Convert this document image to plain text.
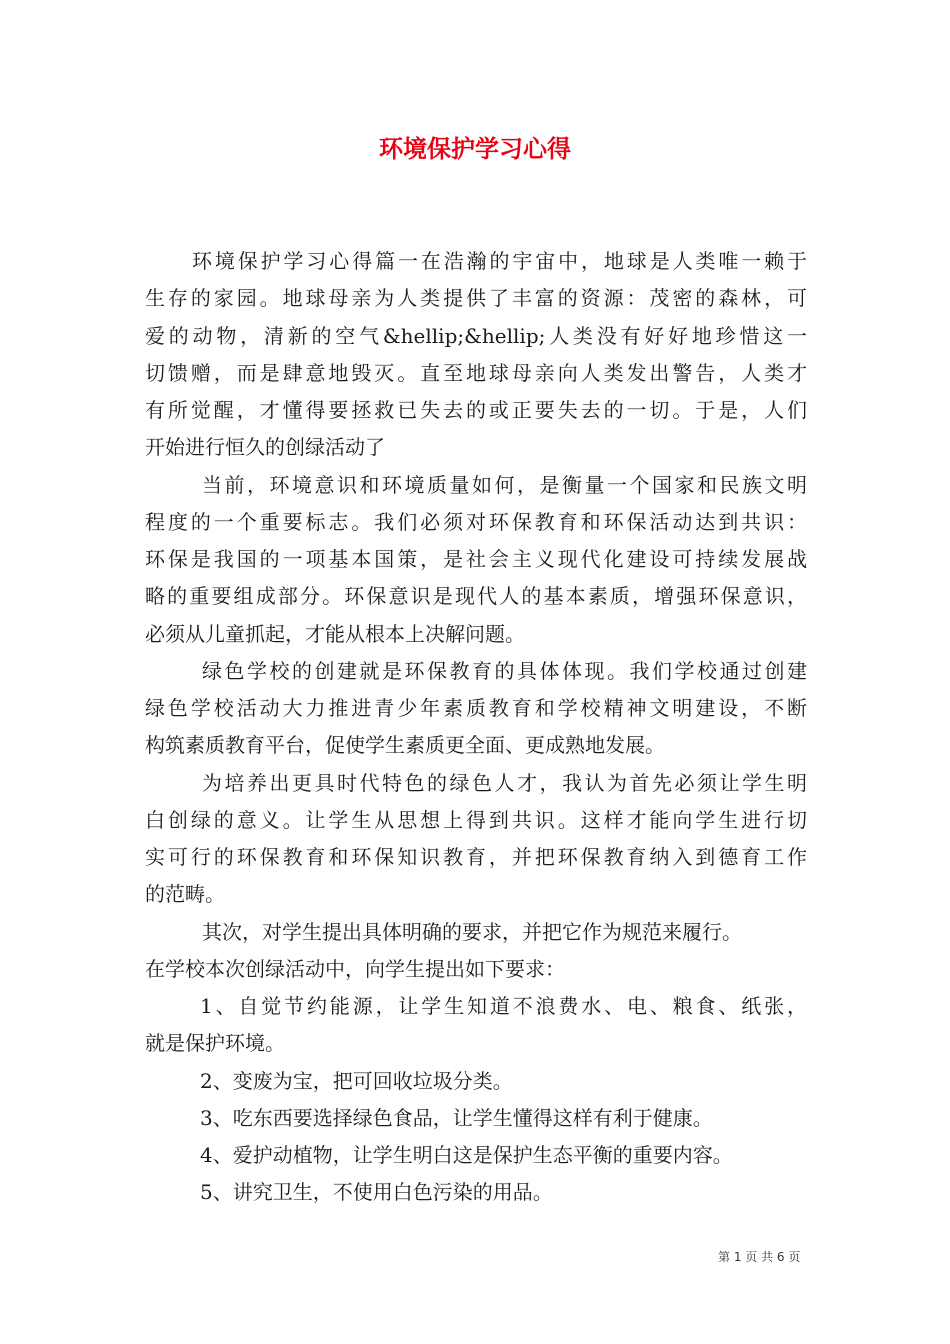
环境保护学习心得
环境保护学习心得篇一在浩瀚的宇宙中，地球是人类唯一赖于
生存的家园。地球母亲为人类提供了丰富的资源：茂密的森林，可
爱的动物，清新的空气&hellip;&hellip;人类没有好好地珍惜这一
切馈赠，而是肆意地毁灭。直至地球母亲向人类发出警告，人类才
有所觉醒，才懂得要拯救已失去的或正要失去的一切。于是，人们
开始进行恒久的创绿活动了
当前，环境意识和环境质量如何，是衡量一个国家和民族文明
程度的一个重要标志。我们必须对环保教育和环保活动达到共识：
环保是我国的一项基本国策，是社会主义现代化建设可持续发展战
略的重要组成部分。环保意识是现代人的基本素质，增强环保意识，
必须从儿童抓起，才能从根本上决解问题。
绿色学校的创建就是环保教育的具体体现。我们学校通过创建
绿色学校活动大力推进青少年素质教育和学校精神文明建设，不断
构筑素质教育平台，促使学生素质更全面、更成熟地发展。
为培养出更具时代特色的绿色人才，我认为首先必须让学生明
白创绿的意义。让学生从思想上得到共识。这样才能向学生进行切
实可行的环保教育和环保知识教育，并把环保教育纳入到德育工作
的范畴。
其次，对学生提出具体明确的要求，并把它作为规范来履行。
在学校本次创绿活动中，向学生提出如下要求：
1、自觉节约能源，让学生知道不浪费水、电、粮食、纸张，
就是保护环境。
2、变废为宝，把可回收垃圾分类。
3、吃东西要选择绿色食品，让学生懂得这样有利于健康。
4、爱护动植物，让学生明白这是保护生态平衡的重要内容。
5、讲究卫生，不使用白色污染的用品。
第 1 页 共 6 页
